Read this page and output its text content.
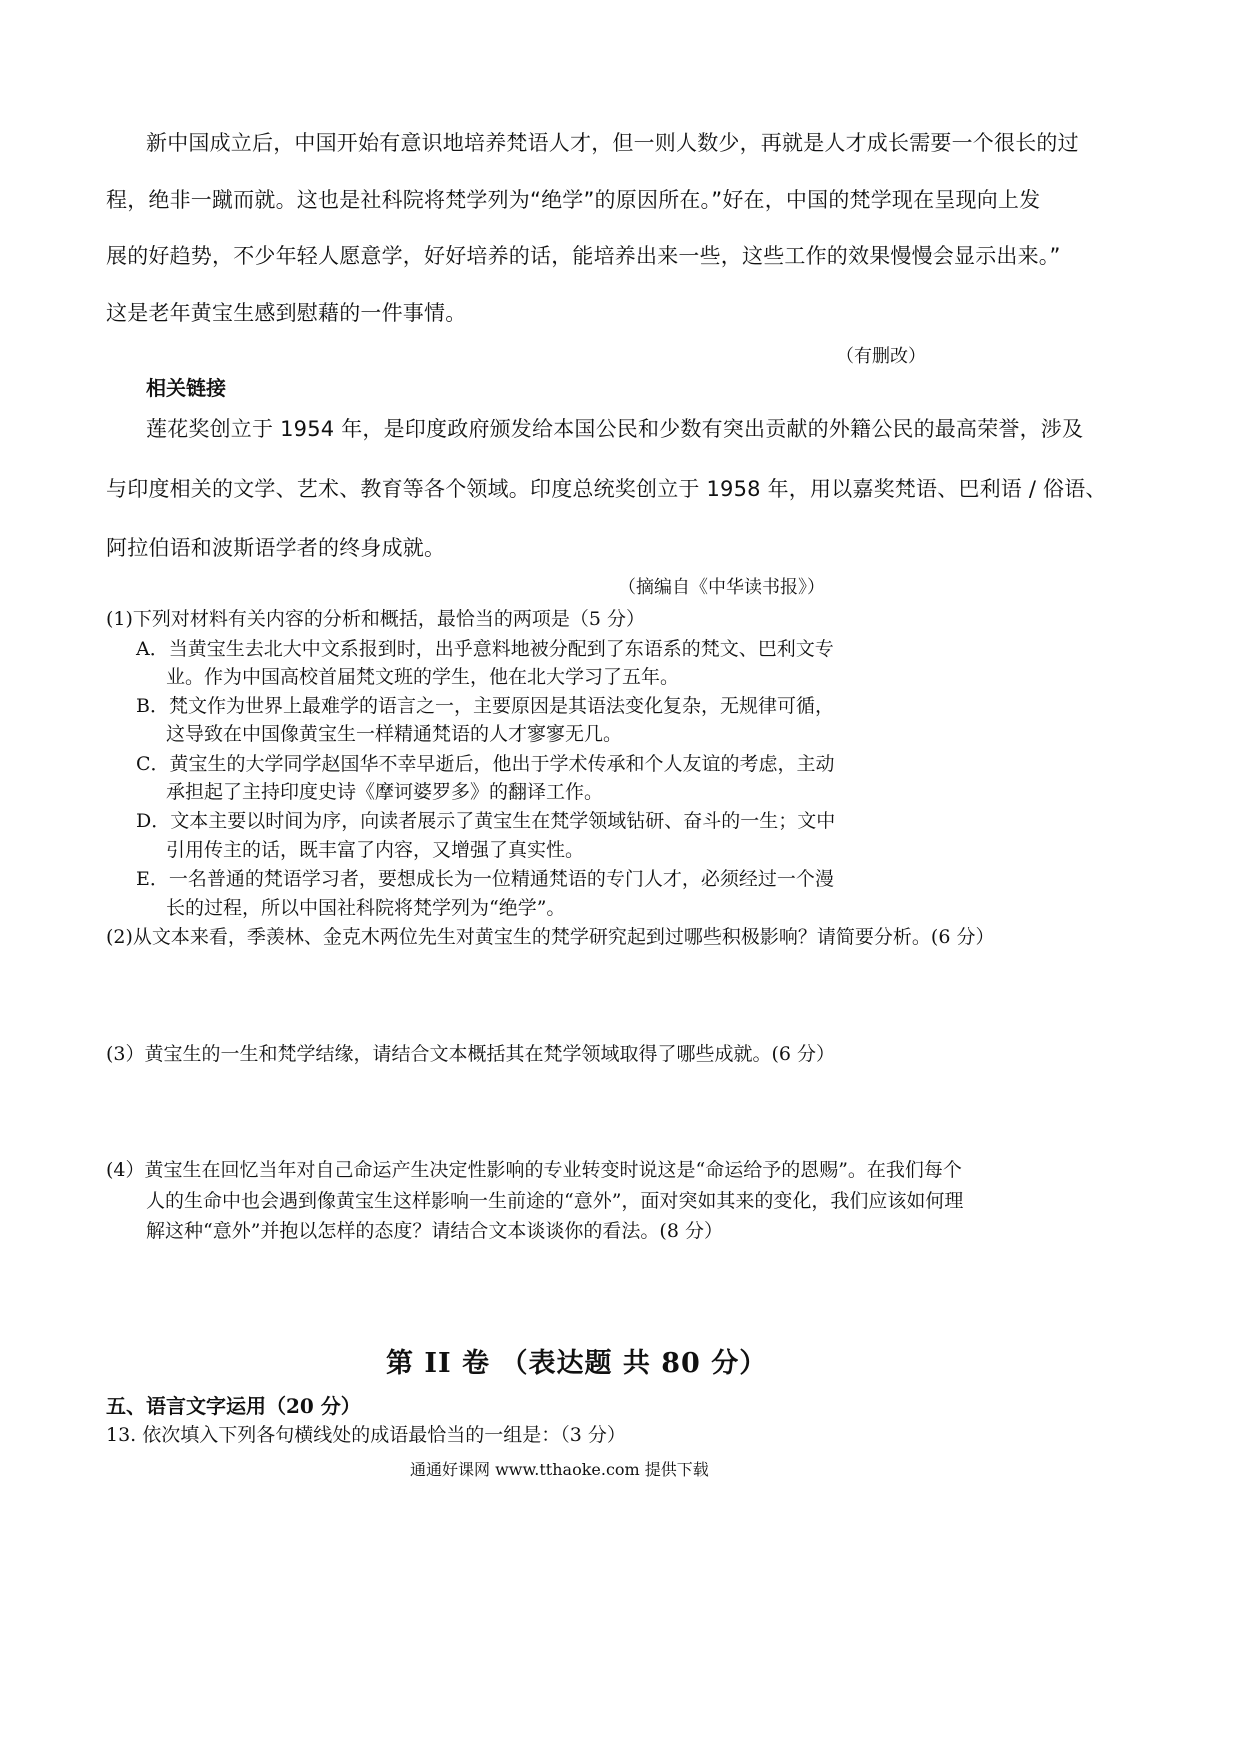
新中国成立后，中国开始有意识地培养梵语人才，但一则人数少，再就是人才成长需要一个很长的过
程，绝非一蹴而就。这也是社科院将梵学列为“绝学”的原因所在。”好在，中国的梵学现在呈现向上发
展的好趋势，不少年轻人愿意学，好好培养的话，能培养出来一些，这些工作的效果慢慢会显示出来。”
这是老年黄宝生感到慰藉的一件事情。
（有删改）
相关链接
莲花奖创立于 1954 年，是印度政府颁发给本国公民和少数有突出贡献的外籍公民的最高荣誉，涉及
与印度相关的文学、艺术、教育等各个领域。印度总统奖创立于 1958 年，用以嘉奖梵语、巴利语 / 俗语、
阿拉伯语和波斯语学者的终身成就。
（摘编自《中华读书报》）
(1)下列对材料有关内容的分析和概括，最恰当的两项是（5 分）
A．当黄宝生去北大中文系报到时，出乎意料地被分配到了东语系的梵文、巴利文专
业。作为中国高校首届梵文班的学生，他在北大学习了五年。
B．梵文作为世界上最难学的语言之一，主要原因是其语法变化复杂，无规律可循，
这导致在中国像黄宝生一样精通梵语的人才寥寥无几。
C．黄宝生的大学同学赵国华不幸早逝后，他出于学术传承和个人友谊的考虑，主动
承担起了主持印度史诗《摩诃婆罗多》的翻译工作。
D．文本主要以时间为序，向读者展示了黄宝生在梵学领域钻研、奋斗的一生；文中
引用传主的话，既丰富了内容，又增强了真实性。
E．一名普通的梵语学习者，要想成长为一位精通梵语的专门人才，必须经过一个漫
长的过程，所以中国社科院将梵学列为“绝学”。
(2)从文本来看，季羡林、金克木两位先生对黄宝生的梵学研究起到过哪些积极影响？请简要分析。(6 分）
(3）黄宝生的一生和梵学结缘，请结合文本概括其在梵学领域取得了哪些成就。(6 分）
(4）黄宝生在回忆当年对自己命运产生决定性影响的专业转变时说这是“命运给予的恩赐”。在我们每个
人的生命中也会遇到像黄宝生这样影响一生前途的“意外”，面对突如其来的变化，我们应该如何理
解这种“意外”并抱以怎样的态度？请结合文本谈谈你的看法。(8 分）
第 II 卷 （表达题 共 80 分）
五、语言文字运用（20 分）
13. 依次填入下列各句横线处的成语最恰当的一组是：（3 分）
通通好课网 www.tthaoke.com 提供下载
